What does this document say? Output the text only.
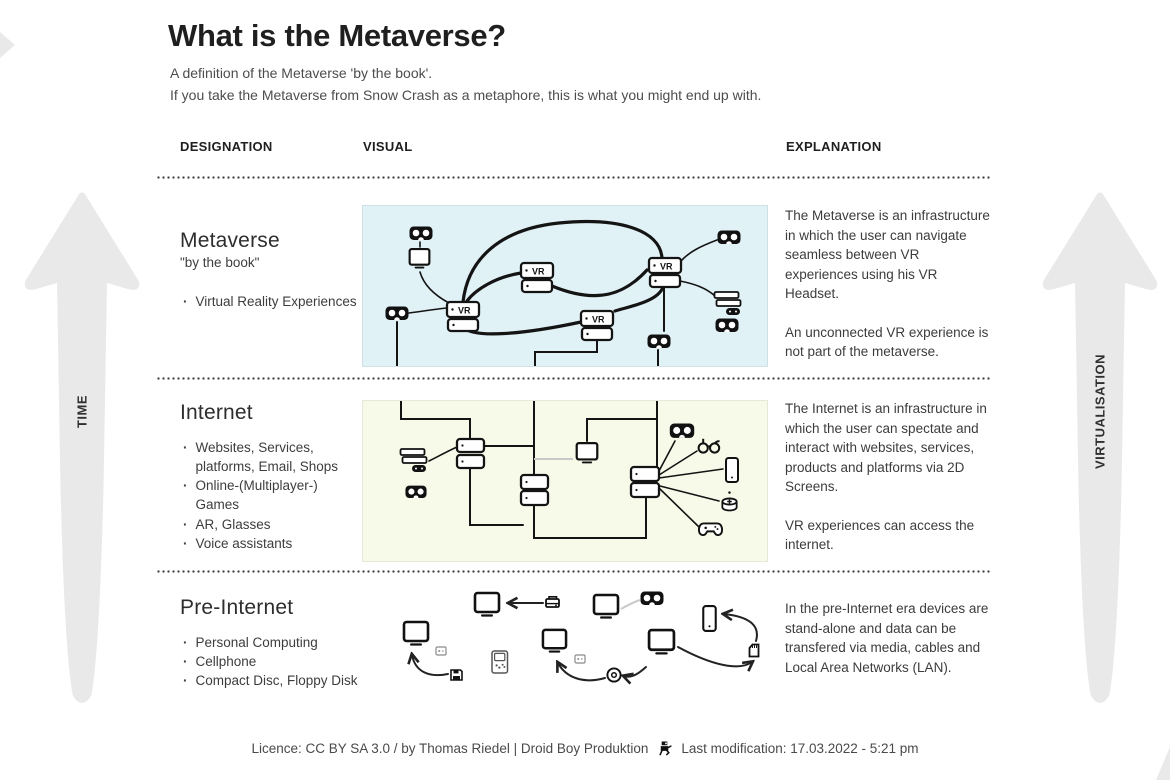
TIME	VIRTUALISATION
What is the Metaverse?
A definition of the Metaverse 'by the book'.
If you take the Metaverse from Snow Crash as a metaphore, this is what you might end up with.
DESIGNATION	VISUAL	EXPLANATION
Metaverse
"by the book"
· Virtual Reality Experiences
VR
VR
VR
VR

The Metaverse is an infrastructure in which the user can navigate seamless between VR experiences using his VR Headset.

An unconnected VR experience is not part of the metaverse.

Internet
· Websites, Services, platforms, Email, Shops
· Online-(Multiplayer-) Games
· AR, Glasses
· Voice assistants

The Internet is an infrastructure in which the user can spectate and interact with websites, services, products and platforms via 2D Screens.

VR experiences can access the internet.

Pre-Internet
· Personal Computing
· Cellphone
· Compact Disc, Floppy Disk

In the pre-Internet era devices are stand-alone and data can be transfered via media, cables and Local Area Networks (LAN).

Licence: CC BY SA 3.0 / by Thomas Riedel | Droid Boy Produktion Last modification: 17.03.2022 - 5:21 pm
